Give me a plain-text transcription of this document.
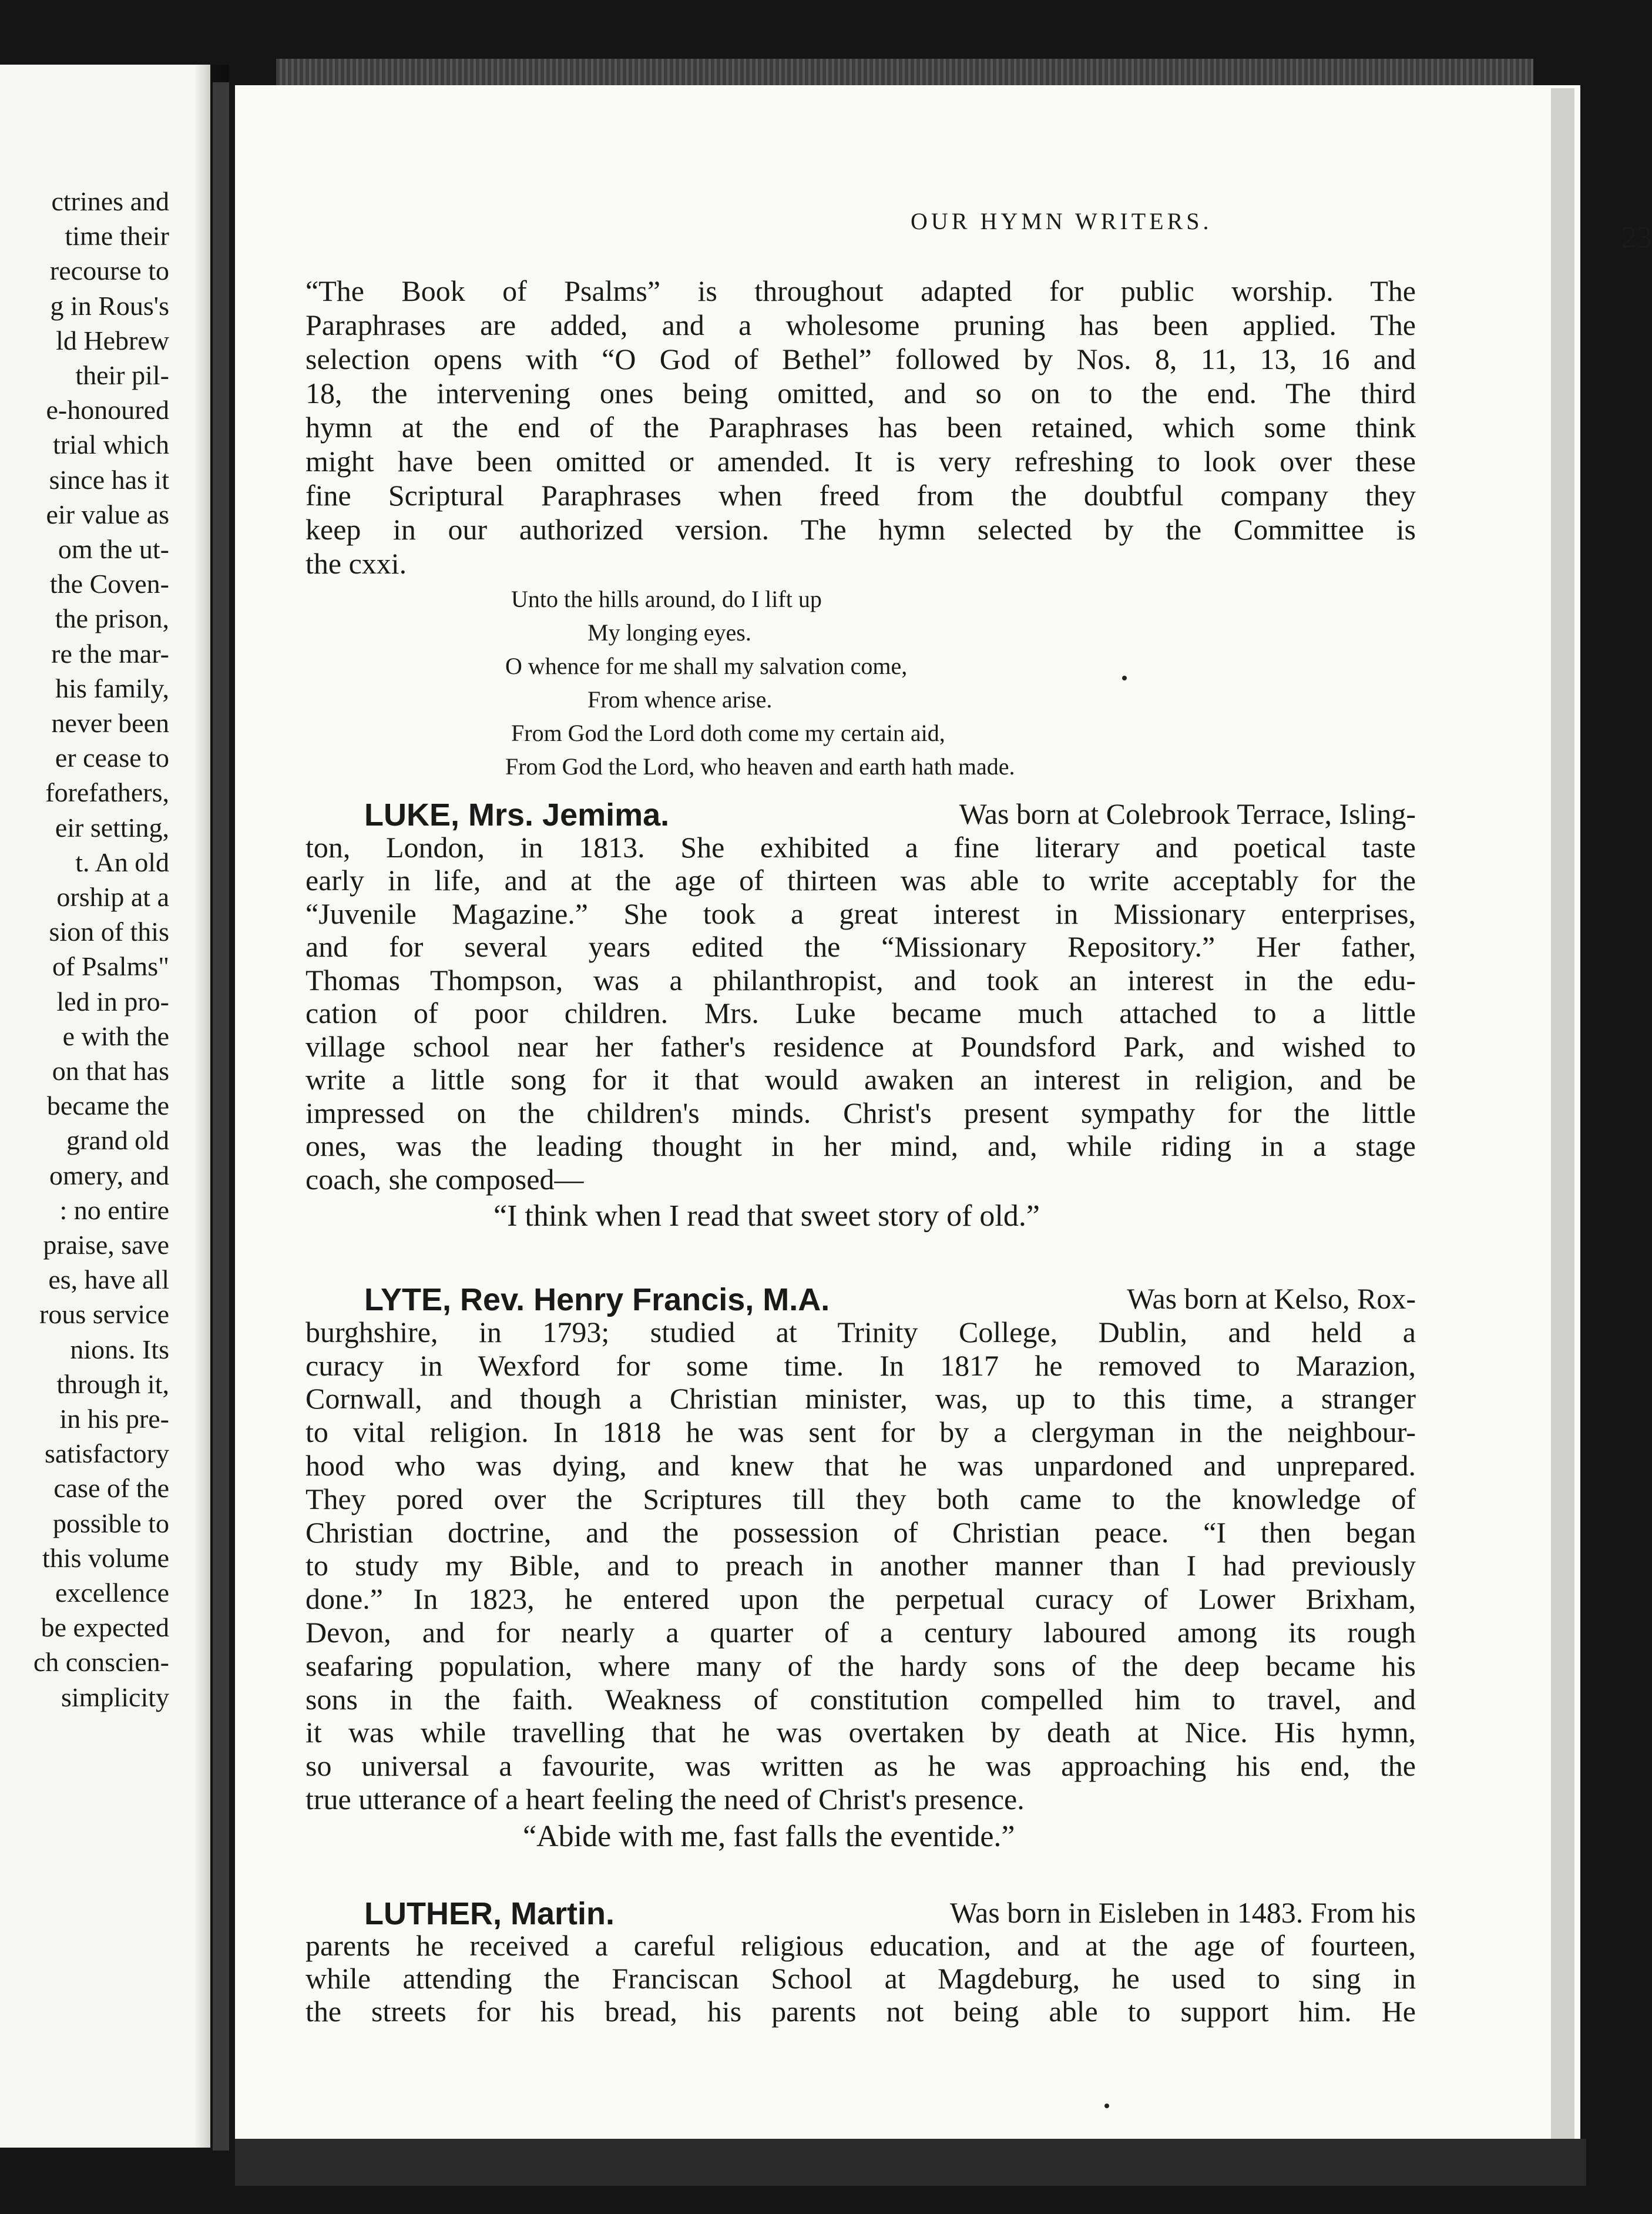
ctrines and
time their
recourse to
g in Rous's
ld Hebrew
their pil-
e-honoured
trial which
since has it
eir value as
om the ut-
the Coven-
the prison,
re the mar-
his family,
never been
er cease to
forefathers,
eir setting,
t. An old
orship at a
sion of this
of Psalms"
led in pro-
e with the
on that has
became the
grand old
omery, and
: no entire
praise, save
es, have all
rous service
nions. Its
through it,
in his pre-
satisfactory
case of the
possible to
this volume
excellence
be expected
ch conscien-
simplicity
OUR HYMN WRITERS.	23
“The Book of Psalms” is throughout adapted for public worship. The
Paraphrases are added, and a wholesome pruning has been applied. The
selection opens with “O God of Bethel” followed by Nos. 8, 11, 13, 16 and
18, the intervening ones being omitted, and so on to the end. The third
hymn at the end of the Paraphrases has been retained, which some think
might have been omitted or amended. It is very refreshing to look over these
fine Scriptural Paraphrases when freed from the doubtful company they
keep in our authorized version. The hymn selected by the Committee is
the cxxi.
Unto the hills around, do I lift up
My longing eyes.
O whence for me shall my salvation come,
From whence arise.
From God the Lord doth come my certain aid,
From God the Lord, who heaven and earth hath made.
LUKE, Mrs. Jemima.	Was born at Colebrook Terrace, Isling-
ton, London, in 1813. She exhibited a fine literary and poetical taste
early in life, and at the age of thirteen was able to write acceptably for the
“Juvenile Magazine.” She took a great interest in Missionary enterprises,
and for several years edited the “Missionary Repository.” Her father,
Thomas Thompson, was a philanthropist, and took an interest in the edu-
cation of poor children. Mrs. Luke became much attached to a little
village school near her father's residence at Poundsford Park, and wished to
write a little song for it that would awaken an interest in religion, and be
impressed on the children's minds. Christ's present sympathy for the little
ones, was the leading thought in her mind, and, while riding in a stage
coach, she composed—
“I think when I read that sweet story of old.”
LYTE, Rev. Henry Francis, M.A.	Was born at Kelso, Rox-
burghshire, in 1793; studied at Trinity College, Dublin, and held a
curacy in Wexford for some time. In 1817 he removed to Marazion,
Cornwall, and though a Christian minister, was, up to this time, a stranger
to vital religion. In 1818 he was sent for by a clergyman in the neighbour-
hood who was dying, and knew that he was unpardoned and unprepared.
They pored over the Scriptures till they both came to the knowledge of
Christian doctrine, and the possession of Christian peace. “I then began
to study my Bible, and to preach in another manner than I had previously
done.” In 1823, he entered upon the perpetual curacy of Lower Brixham,
Devon, and for nearly a quarter of a century laboured among its rough
seafaring population, where many of the hardy sons of the deep became his
sons in the faith. Weakness of constitution compelled him to travel, and
it was while travelling that he was overtaken by death at Nice. His hymn,
so universal a favourite, was written as he was approaching his end, the
true utterance of a heart feeling the need of Christ's presence.
“Abide with me, fast falls the eventide.”
LUTHER, Martin.	Was born in Eisleben in 1483. From his
parents he received a careful religious education, and at the age of fourteen,
while attending the Franciscan School at Magdeburg, he used to sing in
the streets for his bread, his parents not being able to support him. He
